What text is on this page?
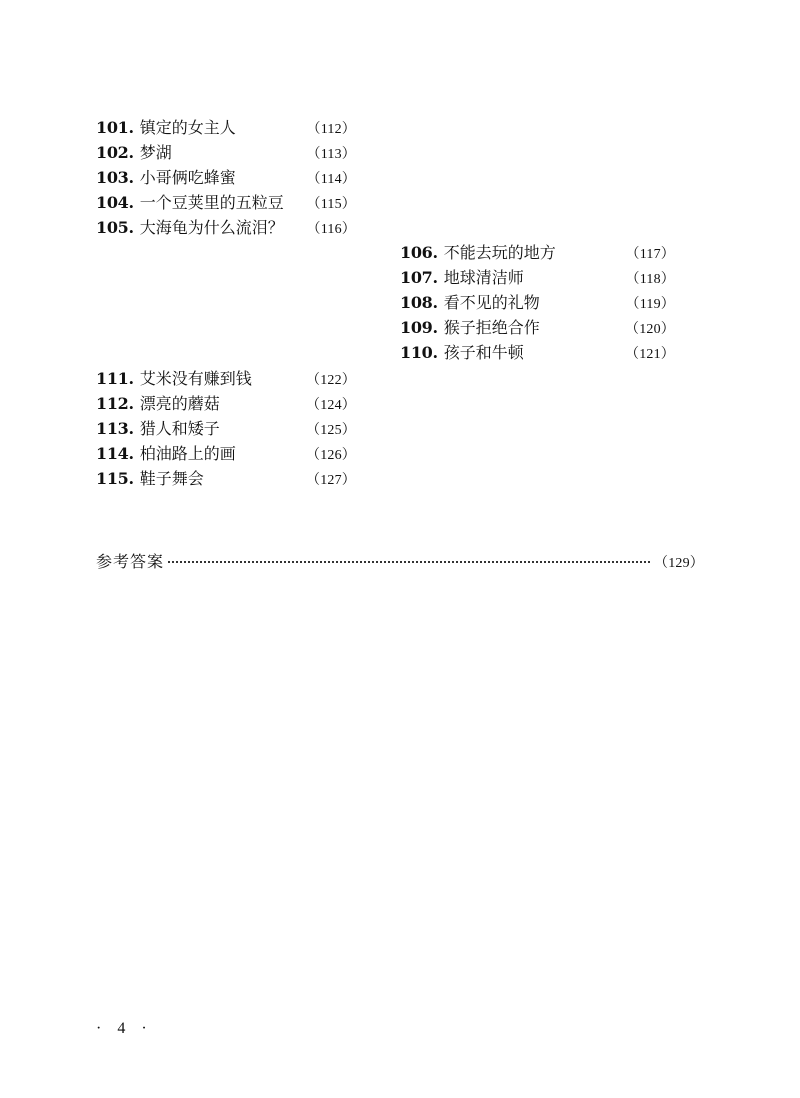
101. 镇定的女主人	（112）
102. 梦湖	（113）
103. 小哥俩吃蜂蜜	（114）
104. 一个豆荚里的五粒豆	（115）
105. 大海龟为什么流泪？	（116）
106. 不能去玩的地方	（117）
107. 地球清洁师	（118）
108. 看不见的礼物	（119）
109. 猴子拒绝合作	（120）
110. 孩子和牛顿	（121）
111. 艾米没有赚到钱	（122）
112. 漂亮的蘑菇	（124）
113. 猎人和矮子	（125）
114. 柏油路上的画	（126）
115. 鞋子舞会	（127）
参考答案	（129）
· 4 ·
